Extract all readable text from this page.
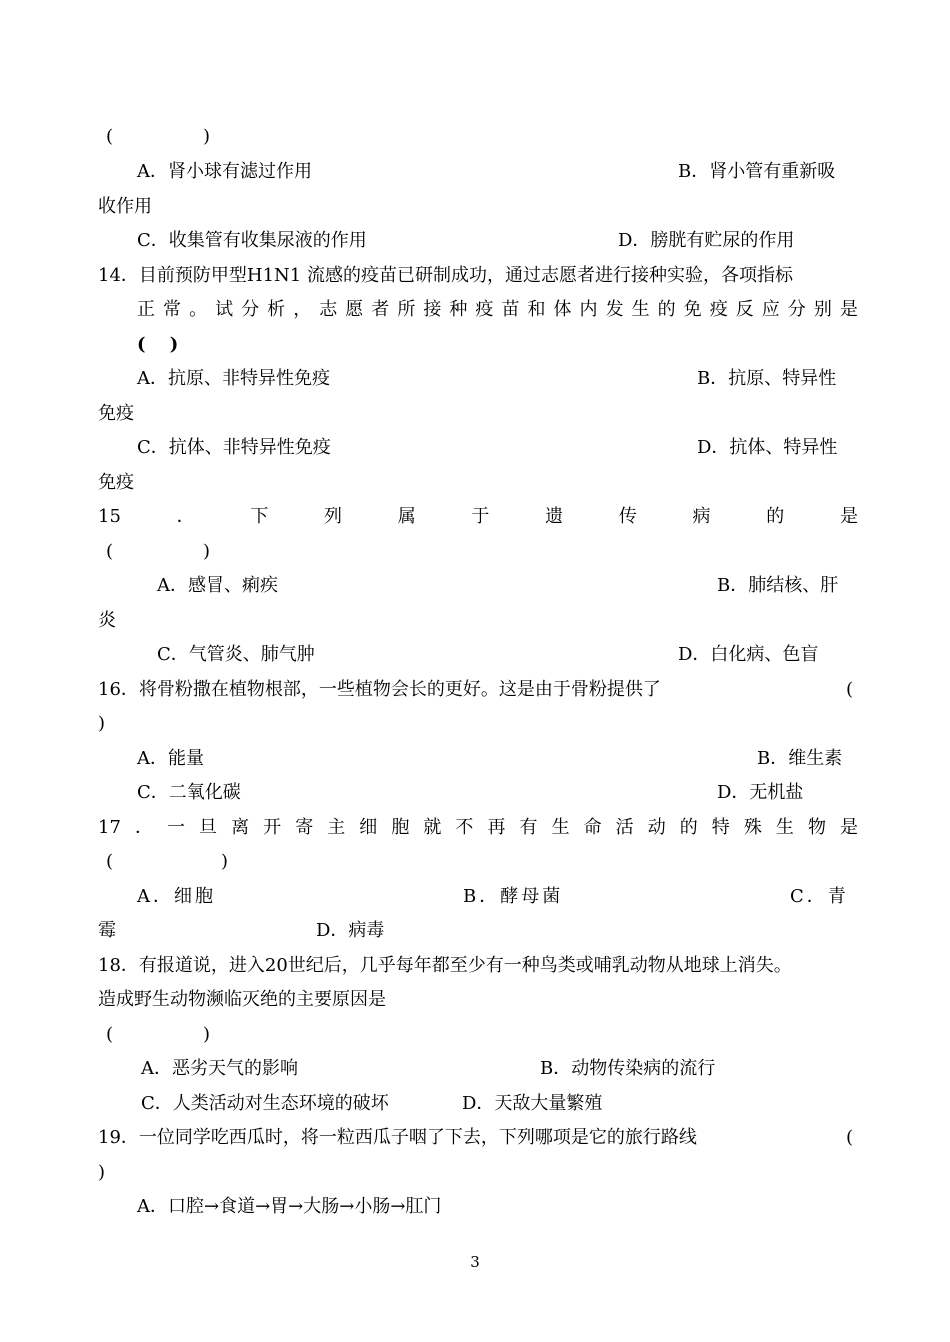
(　　　　　)
A．肾小球有滤过作用	B．肾小管有重新吸
收作用
C．收集管有收集尿液的作用	D．膀胱有贮尿的作用
14．目前预防甲型H1N1 流感的疫苗已研制成功，通过志愿者进行接种实验，各项指标
正 常 。 试 分 析 ， 志 愿 者 所 接 种 疫 苗 和 体 内 发 生 的 免 疫 反 应 分 别 是
(　 )
A．抗原、非特异性免疫	B．抗原、特异性
免疫
C．抗体、非特异性免疫	D．抗体、特异性
免疫
15	．	下	列	属	于	遗	传	病	的	是
(　　　　　)
A．感冒、痢疾	B．肺结核、肝
炎
C．气管炎、肺气肿	D．白化病、色盲
16．将骨粉撒在植物根部，一些植物会长的更好。这是由于骨粉提供了	(
)
A．能量	B．维生素
C．二氧化碳	D．无机盐
17 ． 一 旦 离 开 寄 主 细 胞 就 不 再 有 生 命 活 动 的 特 殊 生 物 是
(　　　　　　)
A．细胞	B．酵母菌	C．青
霉	D．病毒
18．有报道说，进入20世纪后，几乎每年都至少有一种鸟类或哺乳动物从地球上消失。
造成野生动物濒临灭绝的主要原因是
(　　　　　)
A．恶劣天气的影响	B．动物传染病的流行
C．人类活动对生态环境的破坏	D．天敌大量繁殖
19．一位同学吃西瓜时，将一粒西瓜子咽了下去，下列哪项是它的旅行路线	(
)
A．口腔→食道→胃→大肠→小肠→肛门
3
